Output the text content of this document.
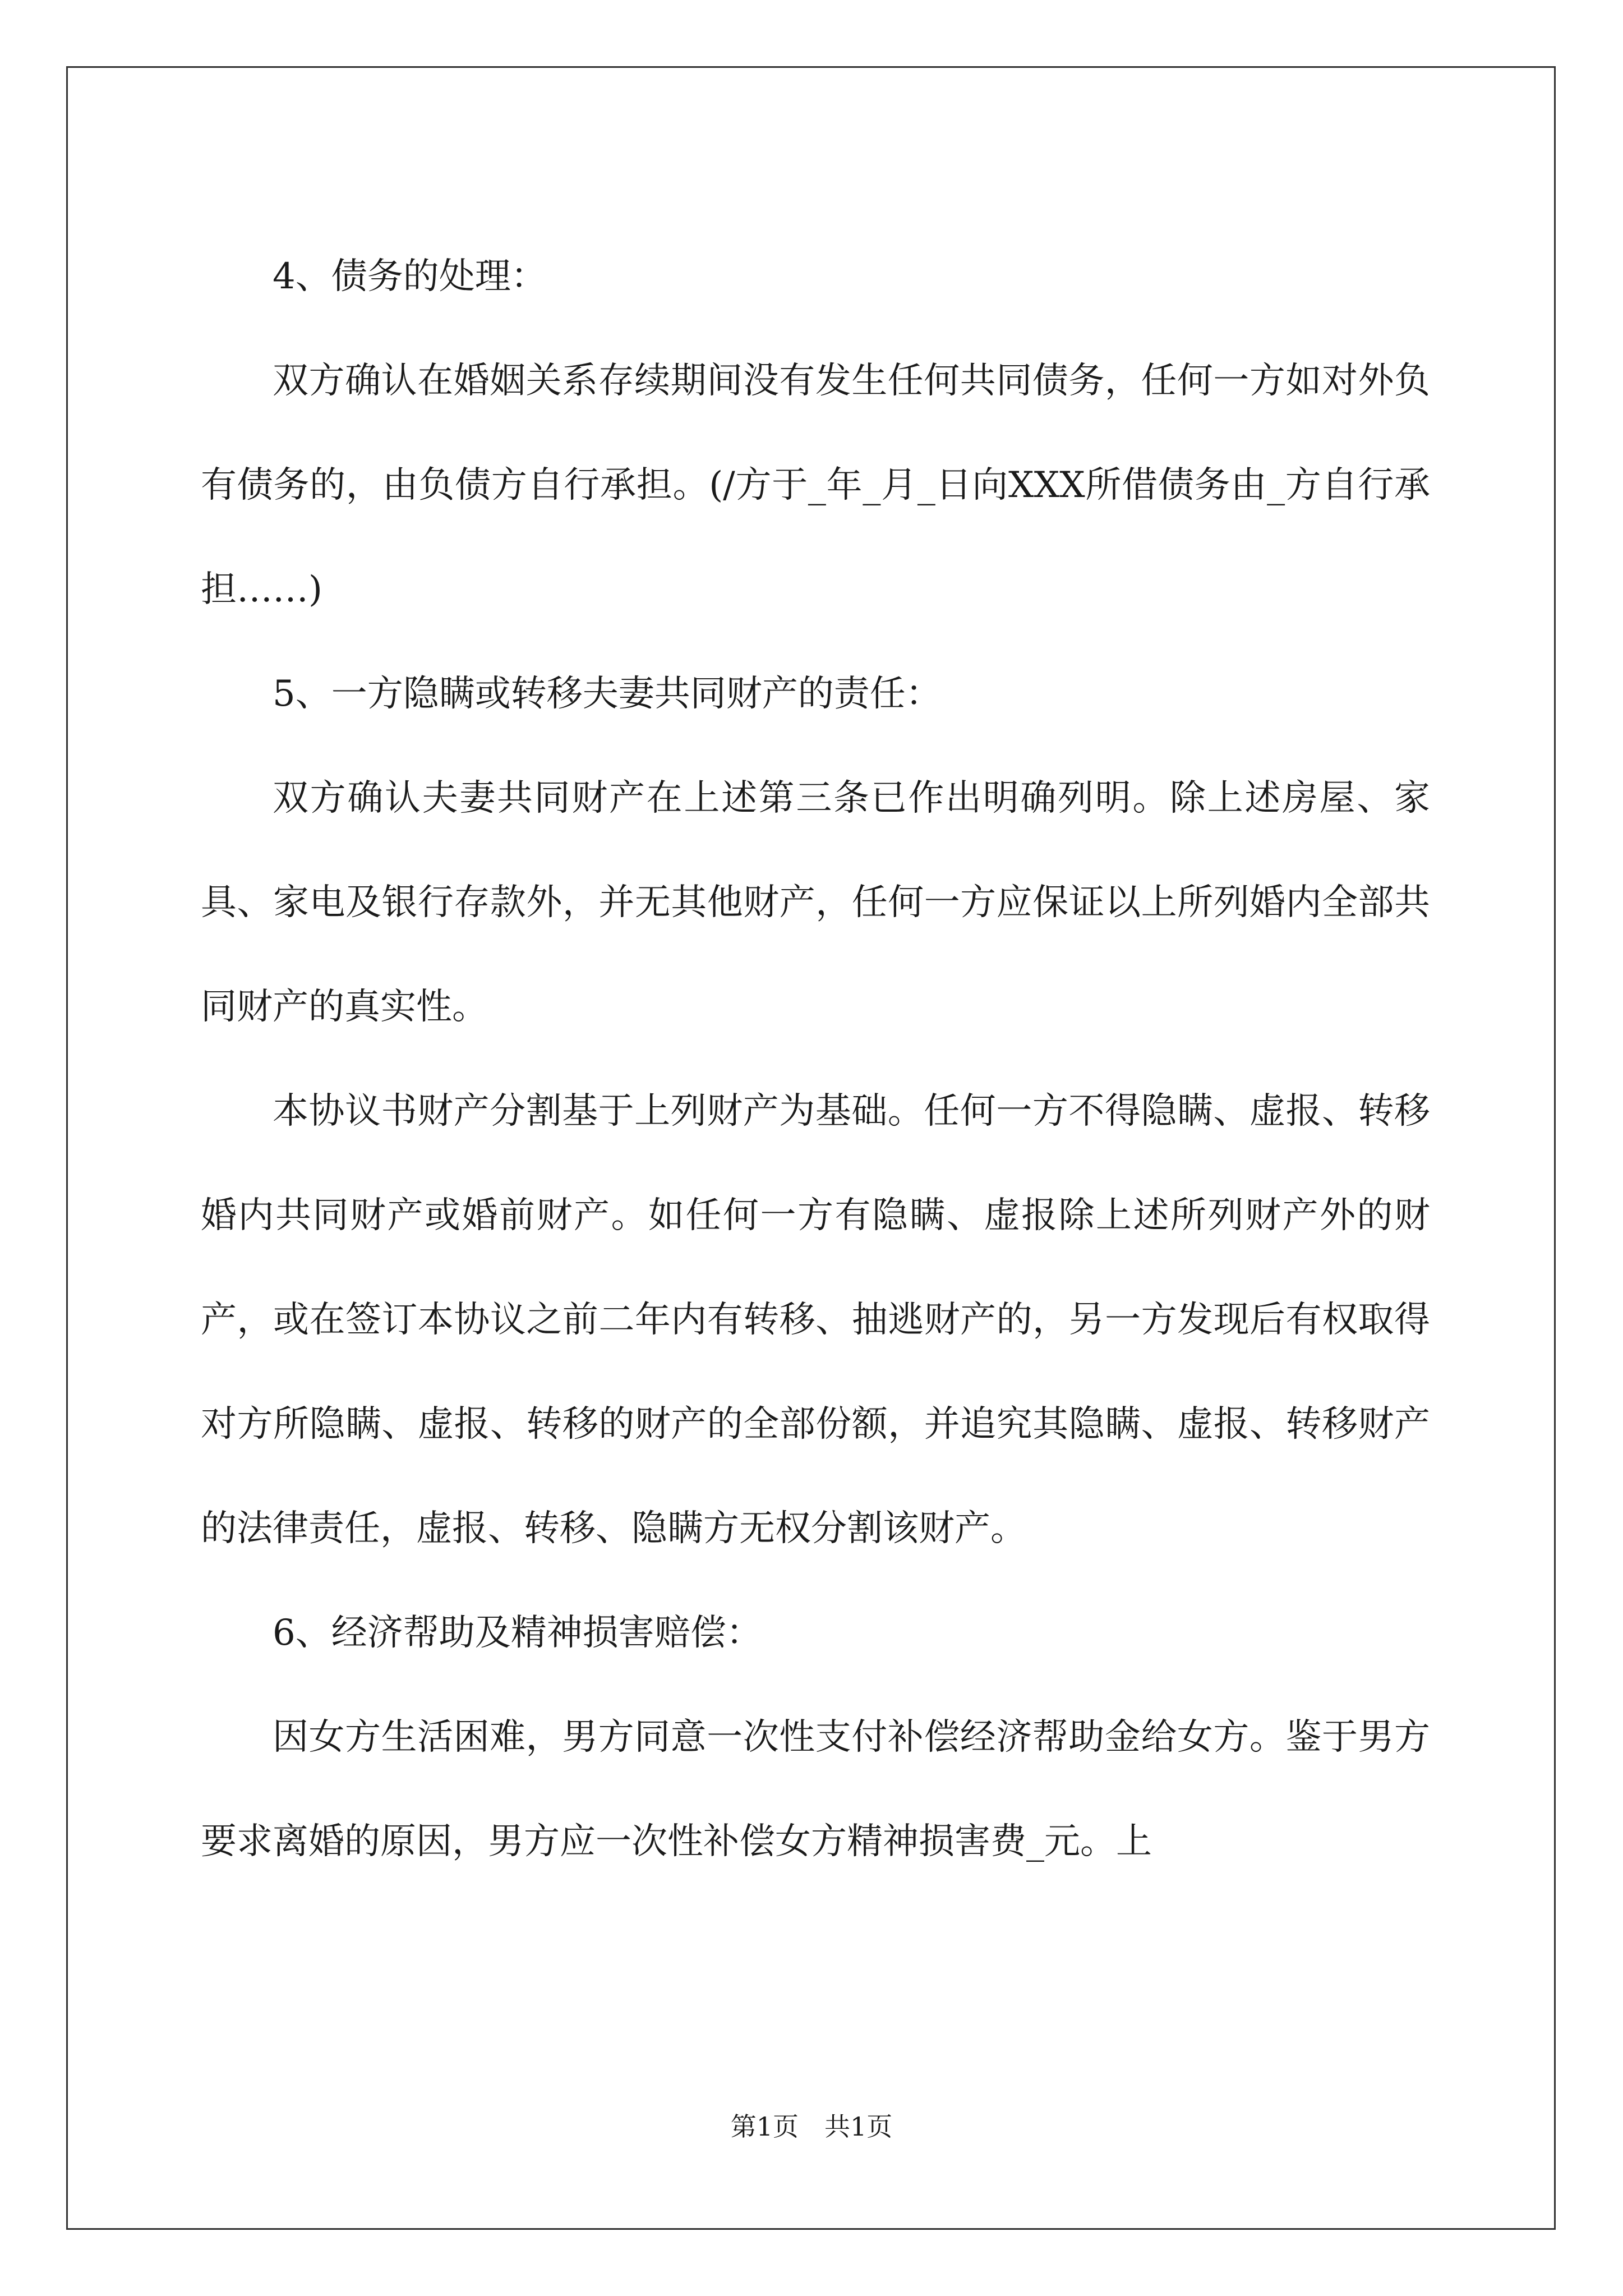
4、债务的处理：

双方确认在婚姻关系存续期间没有发生任何共同债务，任何一方如对外负有债务的，由负债方自行承担。(/方于_年_月_日向XXX所借债务由_方自行承担……)

5、一方隐瞒或转移夫妻共同财产的责任：

双方确认夫妻共同财产在上述第三条已作出明确列明。除上述房屋、家具、家电及银行存款外，并无其他财产，任何一方应保证以上所列婚内全部共同财产的真实性。

本协议书财产分割基于上列财产为基础。任何一方不得隐瞒、虚报、转移婚内共同财产或婚前财产。如任何一方有隐瞒、虚报除上述所列财产外的财产，或在签订本协议之前二年内有转移、抽逃财产的，另一方发现后有权取得对方所隐瞒、虚报、转移的财产的全部份额，并追究其隐瞒、虚报、转移财产的法律责任，虚报、转移、隐瞒方无权分割该财产。

6、经济帮助及精神损害赔偿：

因女方生活困难，男方同意一次性支付补偿经济帮助金给女方。鉴于男方要求离婚的原因，男方应一次性补偿女方精神损害费_元。上

第1页　共1页
